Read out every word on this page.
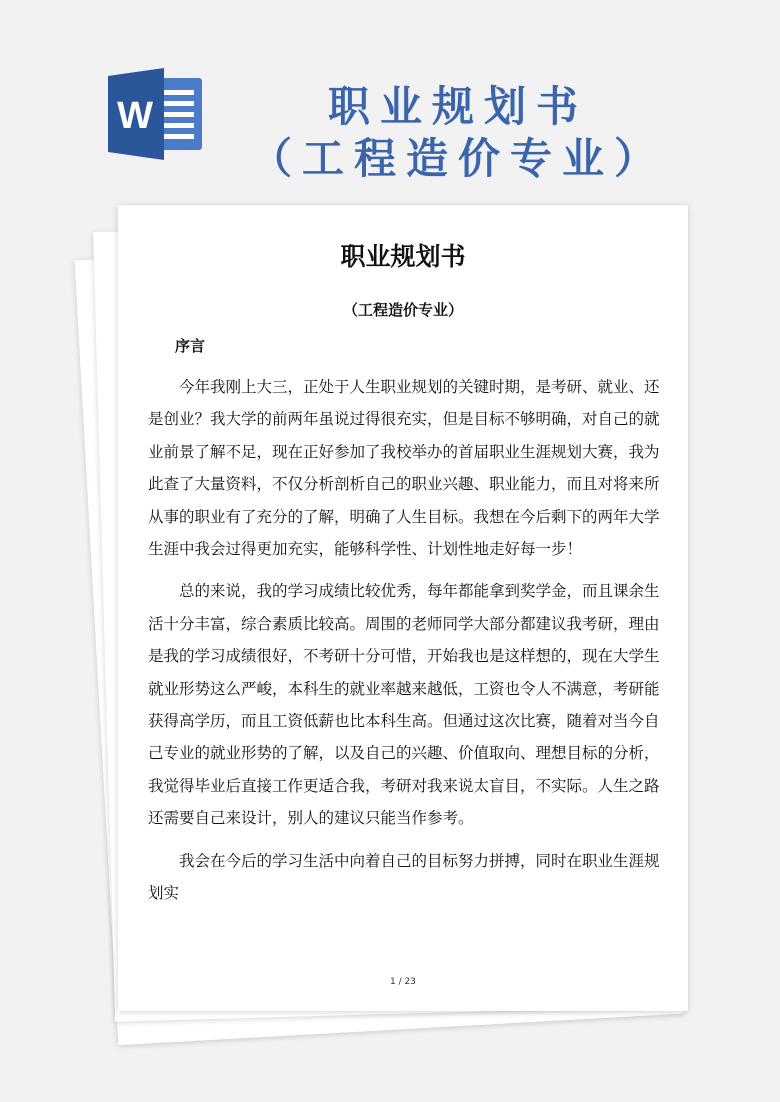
W	职业规划书
（工程造价专业）
职业规划书
（工程造价专业）
序言

今年我刚上大三，正处于人生职业规划的关键时期，是考研、就业、还是创业？我大学的前两年虽说过得很充实，但是目标不够明确，对自己的就业前景了解不足，现在正好参加了我校举办的首届职业生涯规划大赛，我为此查了大量资料，不仅分析剖析自己的职业兴趣、职业能力，而且对将来所从事的职业有了充分的了解，明确了人生目标。我想在今后剩下的两年大学生涯中我会过得更加充实，能够科学性、计划性地走好每一步！

总的来说，我的学习成绩比较优秀，每年都能拿到奖学金，而且课余生活十分丰富，综合素质比较高。周围的老师同学大部分都建议我考研，理由是我的学习成绩很好，不考研十分可惜，开始我也是这样想的，现在大学生就业形势这么严峻，本科生的就业率越来越低，工资也令人不满意，考研能获得高学历，而且工资低薪也比本科生高。但通过这次比赛，随着对当今自己专业的就业形势的了解，以及自己的兴趣、价值取向、理想目标的分析，我觉得毕业后直接工作更适合我，考研对我来说太盲目，不实际。人生之路还需要自己来设计，别人的建议只能当作参考。

我会在今后的学习生活中向着自己的目标努力拼搏，同时在职业生涯规划实

1 / 23
